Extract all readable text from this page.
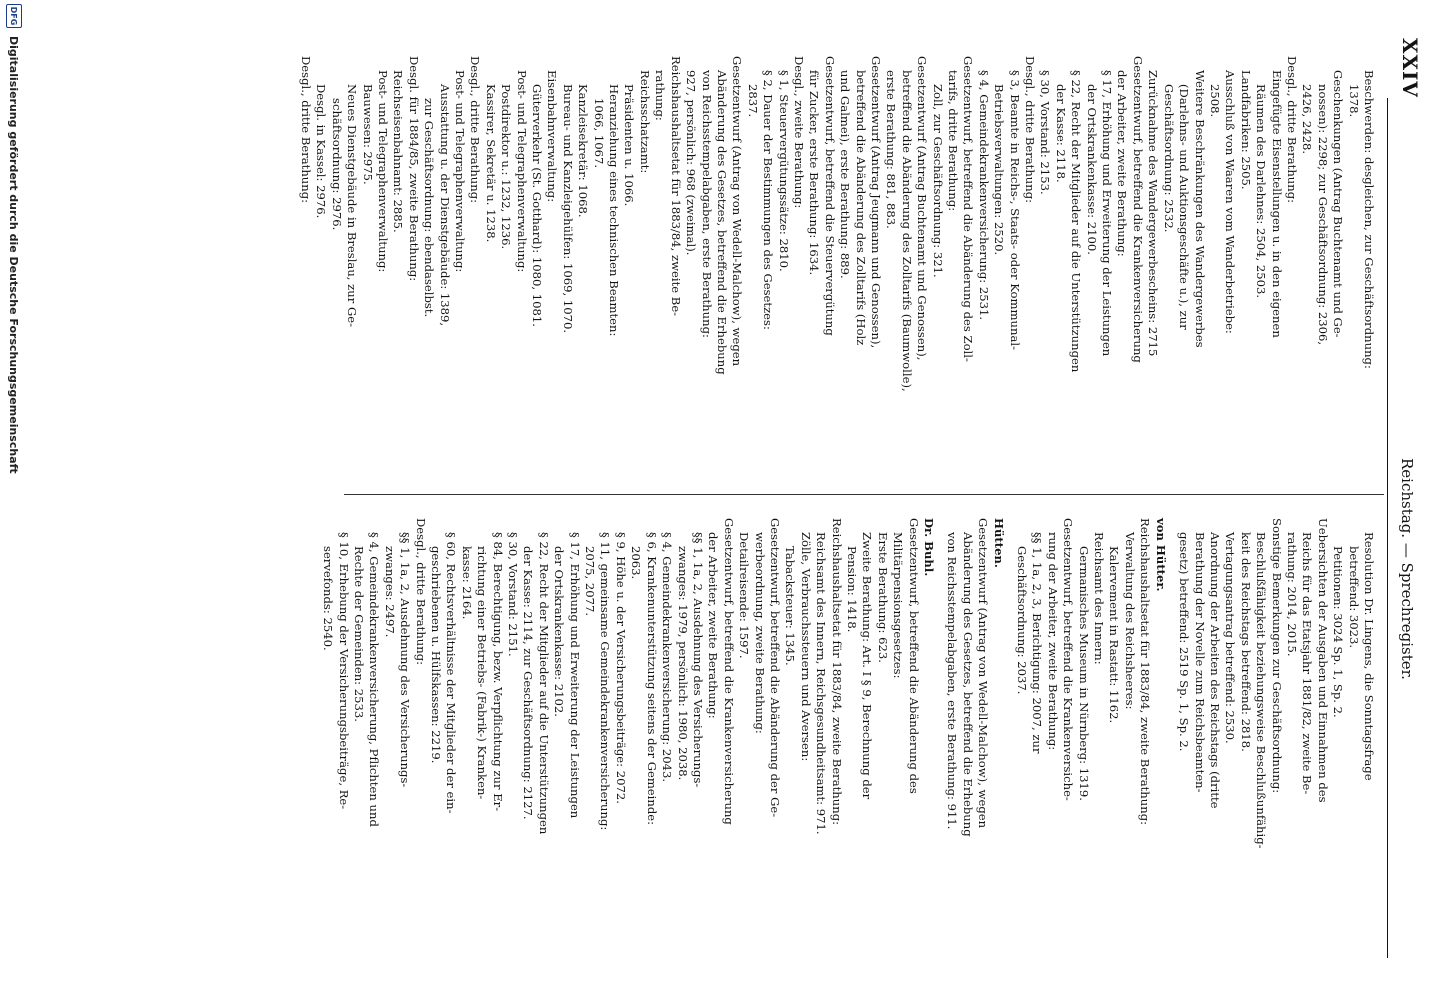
XXIV
Reichstag. — Sprechregister.
Beschwerden: desgleichen, zur Geschäftsordnung:
1378.
Geschenkungen (Antrag Buchtenamt und Ge-
nossen): 2298; zur Geschäftsordnung: 2306,
2426, 2428.
Desgl., dritte Berathung:
Eingefügte Eisenstellungen u. in den eigenen
Räumen des Darlehnes: 2504, 2503.
Landfabriken: 2505.
Ausschluß von Waaren vom Wanderbetriebe:
2508.
Weitere Beschränkungen des Wandergewerbes
(Darlehns- und Auktionsgeschäfte u.), zur
Geschäftsordnung: 2532.
Zurücknahme des Wandergewerbescheins: 2715
Gesetzentwurf, betreffend die Krankenversicherung
der Arbeiter, zweite Berathung:
§ 17, Erhöhung und Erweiterung der Leistungen
der Ortskrankenkasse: 2100.
§ 22, Recht der Mitglieder auf die Unterstützungen
der Kasse: 2118.
§ 30, Vorstand: 2153.
Desgl., dritte Berathung:
§ 3, Beamte in Reichs-, Staats- oder Kommunal-
Betriebsverwaltungen: 2520.
§ 4, Gemeindekrankenversicherung: 2531.
Gesetzentwurf, betreffend die Abänderung des Zoll-
tarifs, dritte Berathung:
Zoll, zur Geschäftsordnung: 321.
Gesetzentwurf (Antrag Buchtenamt und Genossen),
betreffend die Abänderung des Zolltarifs (Baumwolle),
erste Berathung: 881, 883.
Gesetzentwurf (Antrag Jeugmann und Genossen),
betreffend die Abänderung des Zolltarifs (Holz
und Galmei), erste Berathung: 889.
Gesetzentwurf, betreffend die Steuervergütung
für Zucker, erste Berathung: 1634.
Desgl., zweite Berathung:
§ 1, Steuervergütungssätze: 2810.
§ 2, Dauer der Bestimmungen des Gesetzes:
2837.
Gesetzentwurf (Antrag von Wedell-Malchow), wegen
Abänderung des Gesetzes, betreffend die Erhebung
von Reichsstempelabgaben, erste Berathung:
927, persönlich: 968 (zweimal).
Reichshaushaltsetat für 1883/84, zweite Be-
rathung:
Reichsschatzamt:
Präsidenten u. 1066.
Heranziehung eines technischen Beamten:
1066, 1067.
Kanzleisekretär: 1068.
Bureau- und Kanzleigehülfen: 1069, 1070.
Eisenbahnverwaltung:
Güterverkehr (St. Gotthard): 1080, 1081.
Post- und Telegraphenverwaltung:
Postdirektor u.: 1232, 1236.
Kassirer, Sekretär u. 1238.
Desgl., dritte Berathung:
Post- und Telegraphenverwaltung:
Ausstattung u. der Dienstgebäude: 1389,
zur Geschäftsordnung: ebendaselbst.
Desgl. für 1884/85, zweite Berathung:
Reichseisenbahnamt: 2885.
Post- und Telegraphenverwaltung:
Bauwesen: 2975.
Neues Dienstgebäude in Breslau, zur Ge-
schäftsordnung: 2976.
Desgl. in Kassel: 2976.
Desgl., dritte Berathung:
Resolution Dr. Lingens, die Sonntagsfrage
betreffend: 3023.
Petitionen: 3024 Sp. 1, Sp. 2.
Uebersichten der Ausgaben und Einnahmen des
Reichs für das Etatsjahr 1881/82, zweite Be-
rathung: 2014, 2015.
Sonstige Bemerkungen zur Geschäftsordnung:
Beschlußfähigkeit beziehungsweise Beschlußunfähig-
keit des Reichstags betreffend: 2818.
Vertagungsantrag betreffend: 2530.
Anordnung der Arbeiten des Reichstags (dritte
Berathung der Novelle zum Reichsbeamten-
gesetz) betreffend: 2519 Sp. 1, Sp. 2.
von Hütter.
Reichshaushaltsetat für 1883/84, zweite Berathung:
Verwaltung des Reichsheeres:
Kalervement in Rastatt: 1162.
Reichsamt des Innern:
Germanisches Museum in Nürnberg: 1319.
Gesetzentwurf, betreffend die Krankenversiche-
rung der Arbeiter, zweite Berathung:
§§ 1, 1a, 2, 3, Berichtigung: 2007, zur
Geschäftsordnung: 2037.
Hütten.
Gesetzentwurf (Antrag von Wedell-Malchow), wegen
Abänderung des Gesetzes, betreffend die Erhebung
von Reichsstempelabgaben, erste Berathung: 911.
Dr. Buhl.
Gesetzentwurf, betreffend die Abänderung des
Militärpensionsgesetzes:
Erste Berathung: 623.
Zweite Berathung: Art. I § 9, Berechnung der
Pension: 1418.
Reichshaushaltsetat für 1883/84, zweite Berathung:
Reichsamt des Innern, Reichsgesundheitsamt: 971.
Zölle, Verbrauchssteuern und Aversen:
Tabacksteuer: 1345.
Gesetzentwurf, betreffend die Abänderung der Ge-
werbeordnung, zweite Berathung:
Detailreisende: 1597.
Gesetzentwurf, betreffend die Krankenversicherung
der Arbeiter, zweite Berathung:
§§ 1, 1a, 2, Ausdehnung des Versicherungs-
zwanges: 1979, persönlich: 1980, 2038.
§ 4, Gemeindekrankenversicherung: 2043.
§ 6, Krankenunterstützung seitens der Gemeinde:
2063.
§ 9, Höhe u. der Versicherungsbeiträge: 2072.
§ 11, gemeinsame Gemeindekrankenversicherung:
2075, 2077.
§ 17, Erhöhung und Erweiterung der Leistungen
der Ortskrankenkasse: 2102.
§ 22, Recht der Mitglieder auf die Unterstützungen
der Kasse: 2114, zur Geschäftsordnung: 2127.
§ 30, Vorstand: 2151.
§ 84, Berechtigung, bezw. Verpflichtung zur Er-
richtung einer Betriebs- (Fabrik-) Kranken-
kasse: 2164.
§ 60, Rechtsverhältnisse der Mitglieder der ein-
geschriebenen u. Hülfskassen: 2219.
Desgl., dritte Berathung:
§§ 1, 1a, 2, Ausdehnung des Versicherungs-
zwanges: 2497.
§ 4, Gemeindekrankenversicherung, Pflichten und
Rechte der Gemeinden: 2533.
§ 10, Erhebung der Versicherungsbeiträge, Re-
servefonds: 2540.
DFG
Digitalisierung gefördert durch die Deutsche Forschungsgemeinschaft
